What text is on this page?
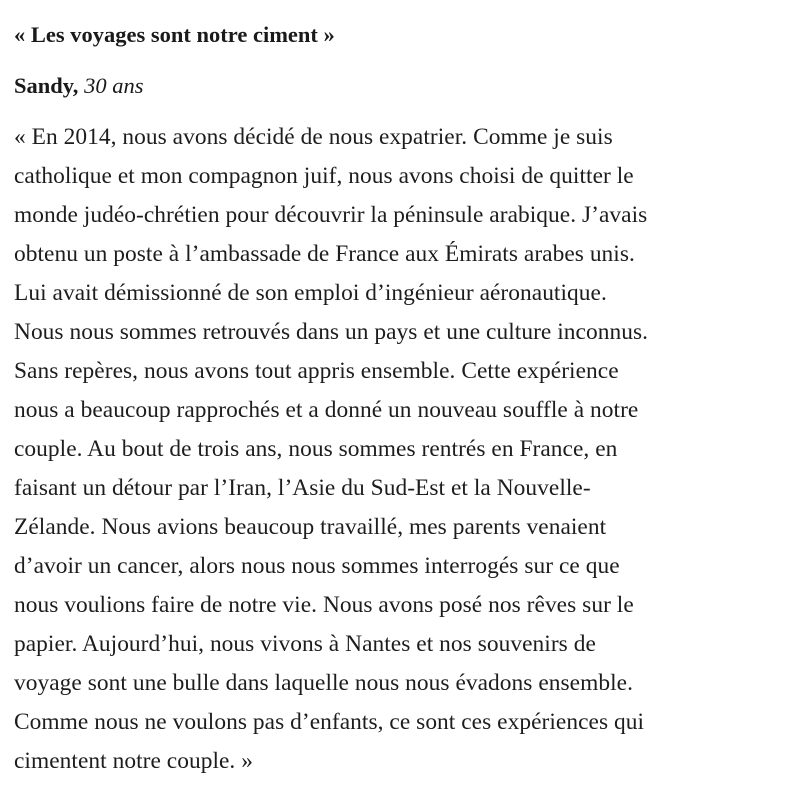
« Les voyages sont notre ciment »

Sandy, 30 ans

« En 2014, nous avons décidé de nous expatrier. Comme je suis
catholique et mon compagnon juif, nous avons choisi de quitter le
monde judéo-chrétien pour découvrir la péninsule arabique. J’avais
obtenu un poste à l’ambassade de France aux Émirats arabes unis.
Lui avait démissionné de son emploi d’ingénieur aéronautique.
Nous nous sommes retrouvés dans un pays et une culture inconnus.
Sans repères, nous avons tout appris ensemble. Cette expérience
nous a beaucoup rapprochés et a donné un nouveau souffle à notre
couple. Au bout de trois ans, nous sommes rentrés en France, en
faisant un détour par l’Iran, l’Asie du Sud-Est et la Nouvelle-
Zélande. Nous avions beaucoup travaillé, mes parents venaient
d’avoir un cancer, alors nous nous sommes interrogés sur ce que
nous voulions faire de notre vie. Nous avons posé nos rêves sur le
papier. Aujourd’hui, nous vivons à Nantes et nos souvenirs de
voyage sont une bulle dans laquelle nous nous évadons ensemble.
Comme nous ne voulons pas d’enfants, ce sont ces expériences qui
cimentent notre couple. »
